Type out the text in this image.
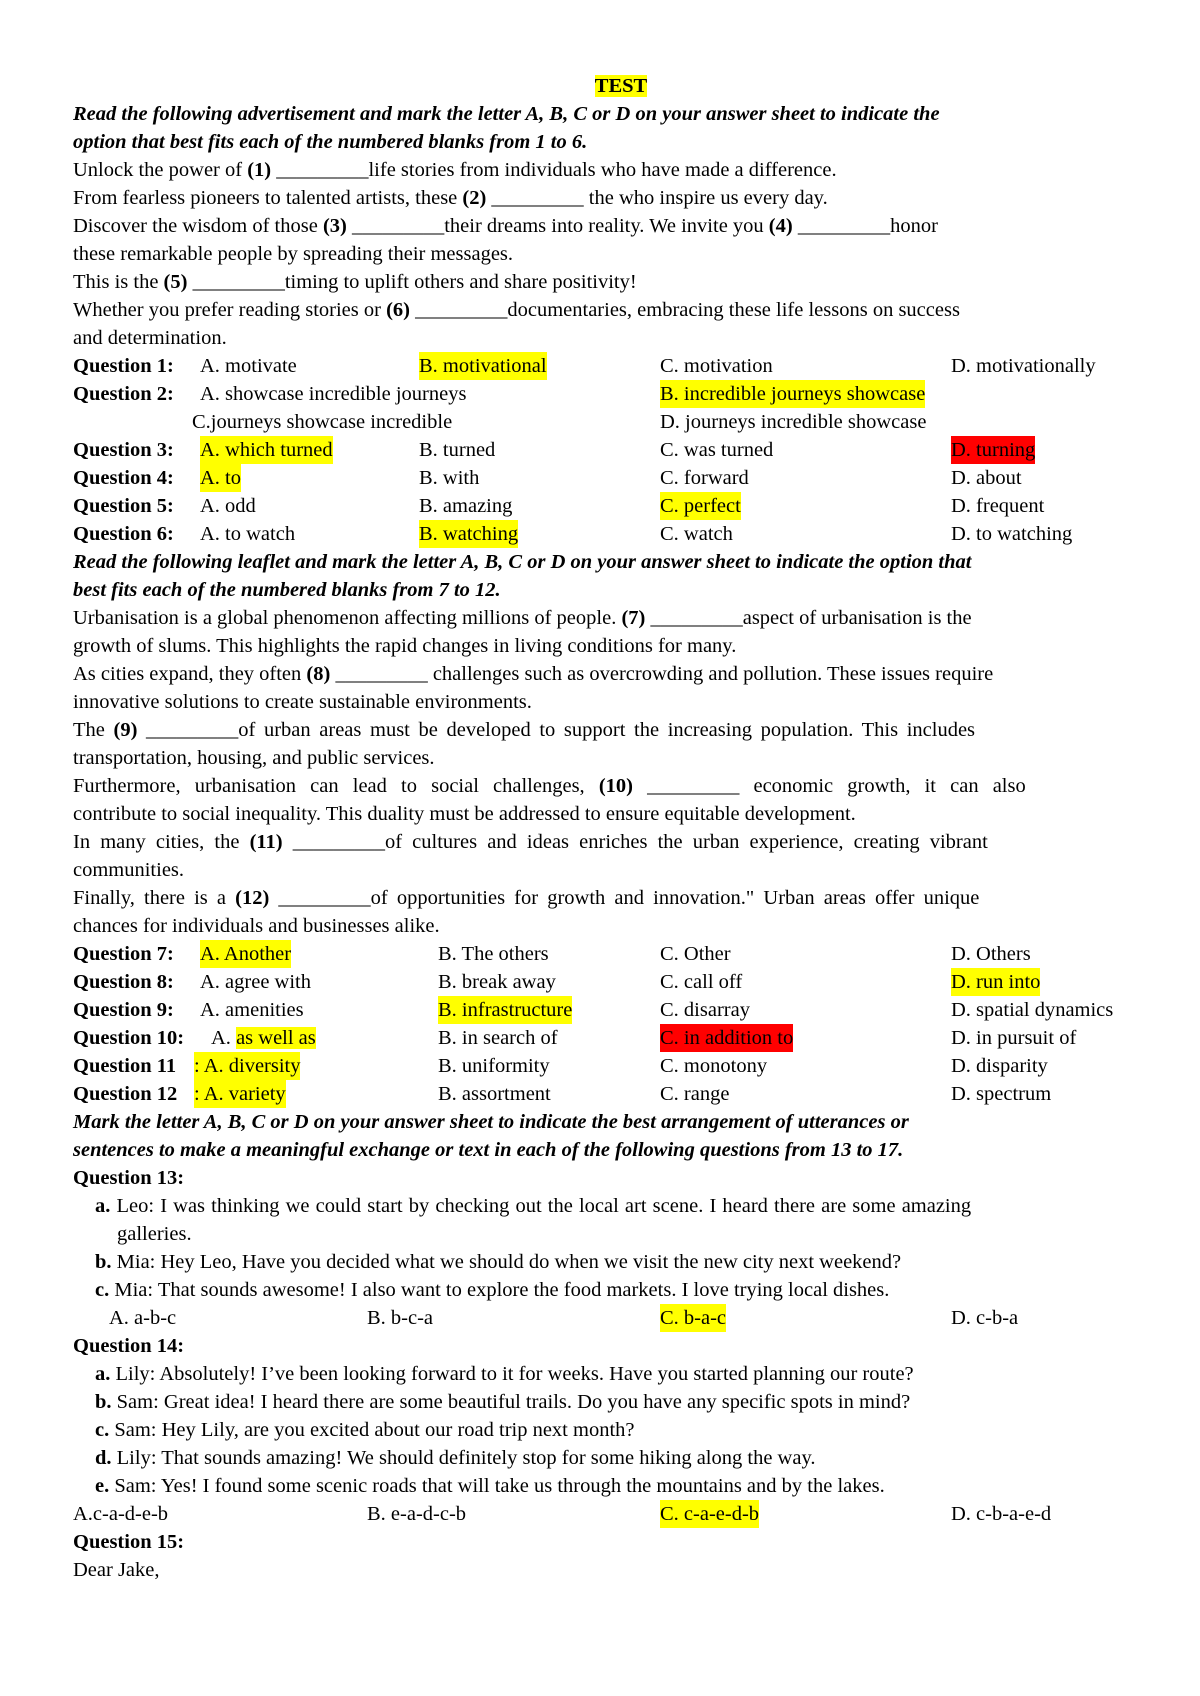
TEST
Read the following advertisement and mark the letter A, B, C or D on your answer sheet to indicate the
option that best fits each of the numbered blanks from 1 to 6.
Unlock the power of (1) _________life stories from individuals who have made a difference.
From fearless pioneers to talented artists, these (2) _________ the who inspire us every day.
Discover the wisdom of those (3) _________their dreams into reality. We invite you (4) _________honor
these remarkable people by spreading their messages.
This is the (5) _________timing to uplift others and share positivity!
Whether you prefer reading stories or (6) _________documentaries, embracing these life lessons on success
and determination.
Question 1: A. motivate	B. motivational	C. motivation	D. motivationally
Question 2: A. showcase incredible journeys	B. incredible journeys showcase
C.journeys showcase incredible	D. journeys incredible showcase
Question 3: A. which turned	B. turned	C. was turned	D. turning
Question 4: A. to	B. with	C. forward	D. about
Question 5: A. odd	B. amazing	C. perfect	D. frequent
Question 6: A. to watch	B. watching	C. watch	D. to watching
Read the following leaflet and mark the letter A, B, C or D on your answer sheet to indicate the option that
best fits each of the numbered blanks from 7 to 12.
Urbanisation is a global phenomenon affecting millions of people. (7) _________aspect of urbanisation is the
growth of slums. This highlights the rapid changes in living conditions for many.
As cities expand, they often (8) _________ challenges such as overcrowding and pollution. These issues require
innovative solutions to create sustainable environments.
The (9) _________of urban areas must be developed to support the increasing population. This includes
transportation, housing, and public services.
Furthermore, urbanisation can lead to social challenges, (10) _________ economic growth, it can also
contribute to social inequality. This duality must be addressed to ensure equitable development.
In many cities, the (11) _________of cultures and ideas enriches the urban experience, creating vibrant
communities.
Finally, there is a (12) _________of opportunities for growth and innovation." Urban areas offer unique
chances for individuals and businesses alike.
Question 7: A. Another	B. The others	C. Other	D. Others
Question 8: A. agree with	B. break away	C. call off	D. run into
Question 9: A. amenities	B. infrastructure	C. disarray	D. spatial dynamics
Question 10: A. as well as	B. in search of	C. in addition to	D. in pursuit of
Question 11 : A. diversity	B. uniformity	C. monotony	D. disparity
Question 12 : A. variety	B. assortment	C. range	D. spectrum
Mark the letter A, B, C or D on your answer sheet to indicate the best arrangement of utterances or
sentences to make a meaningful exchange or text in each of the following questions from 13 to 17.
Question 13:
a. Leo: I was thinking we could start by checking out the local art scene. I heard there are some amazing
galleries.
b. Mia: Hey Leo, Have you decided what we should do when we visit the new city next weekend?
c. Mia: That sounds awesome! I also want to explore the food markets. I love trying local dishes.
A. a-b-c	B. b-c-a	C. b-a-c	D. c-b-a
Question 14:
a. Lily: Absolutely! I’ve been looking forward to it for weeks. Have you started planning our route?
b. Sam: Great idea! I heard there are some beautiful trails. Do you have any specific spots in mind?
c. Sam: Hey Lily, are you excited about our road trip next month?
d. Lily: That sounds amazing! We should definitely stop for some hiking along the way.
e. Sam: Yes! I found some scenic roads that will take us through the mountains and by the lakes.
A.c-a-d-e-b	B. e-a-d-c-b	C. c-a-e-d-b	D. c-b-a-e-d
Question 15:
Dear Jake,
